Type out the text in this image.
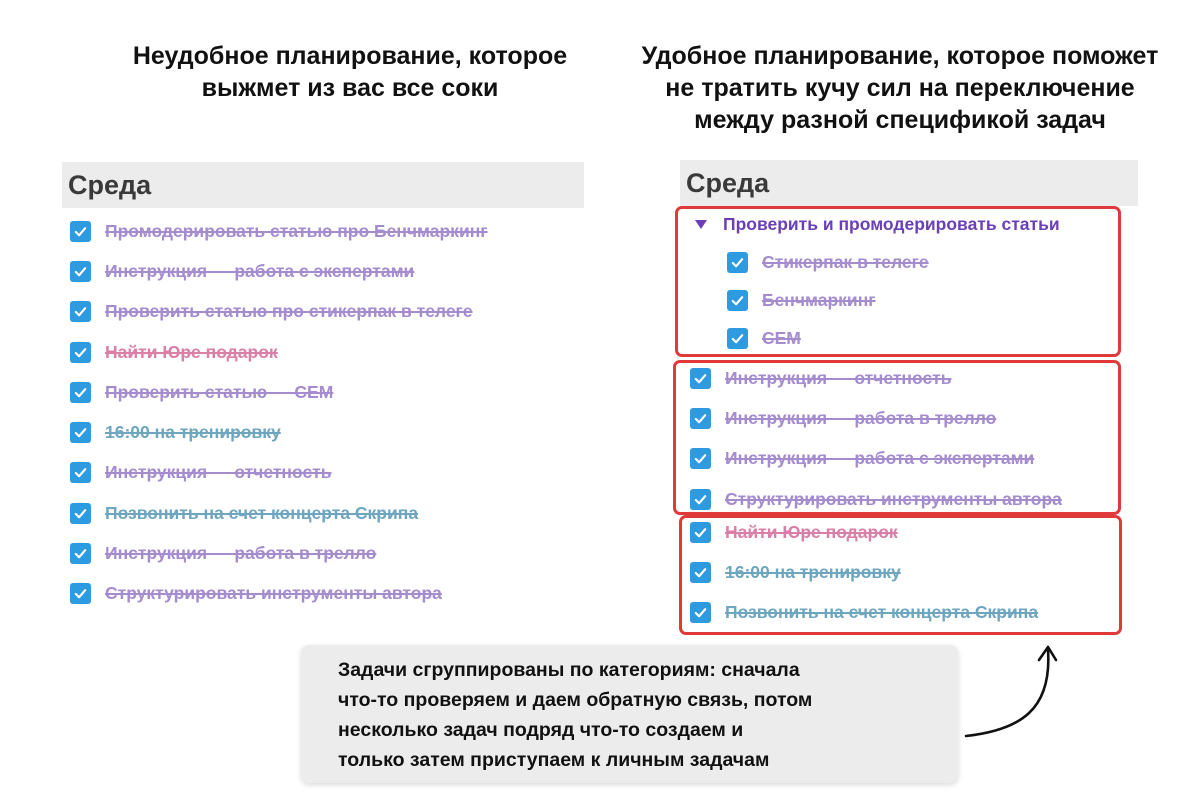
Неудобное планирование, которое
выжмет из вас все соки
Удобное планирование, которое поможет
не тратить кучу сил на переключение
между разной спецификой задач
Среда
Промодерировать статью про Бенчмаркинг
Инструкция — работа с экспертами
Проверить статью про стикерпак в телеге
Найти Юре подарок
Проверить статью — CEM
16:00 на тренировку
Инструкция — отчетность
Позвонить на счет концерта Скрипа
Инструкция — работа в трелло
Структурировать инструменты автора
Среда
Проверить и промодерировать статьи
Стикерпак в телеге
Бенчмаркинг
CEM
Инструкция — отчетность
Инструкция — работа в трелло
Инструкция — работа с экспертами
Структурировать инструменты автора
Найти Юре подарок
16:00 на тренировку
Позвонить на счет концерта Скрипа
Задачи сгруппированы по категориям: сначала
что-то проверяем и даем обратную связь, потом
несколько задач подряд что-то создаем и
только затем приступаем к личным задачам
